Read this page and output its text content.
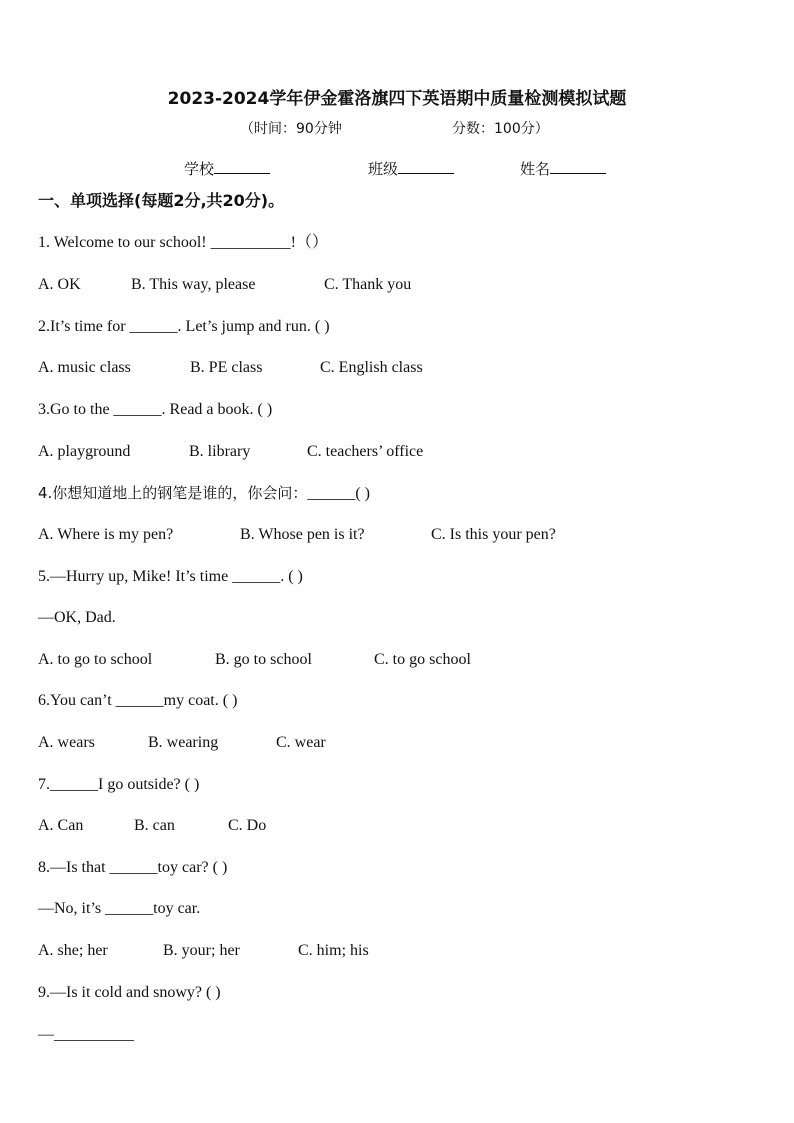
2023-2024学年伊金霍洛旗四下英语期中质量检测模拟试题
（时间：90分钟	分数：100分）
学校	班级	姓名
一、单项选择(每题2分,共20分)。
1. Welcome to our school! __________!（）
A. OK	B. This way, please	C. Thank you
2.It’s time for ______. Let’s jump and run. ( )
A. music class	B. PE class	C. English class
3.Go to the ______. Read a book. ( )
A. playground	B. library	C. teachers’ office
4.你想知道地上的钢笔是谁的，你会问：______( )
A. Where is my pen?	B. Whose pen is it?	C. Is this your pen?
5.—Hurry up, Mike! It’s time ______. ( )
—OK, Dad.
A. to go to school	B. go to school	C. to go school
6.You can’t ______my coat. ( )
A. wears	B. wearing	C. wear
7.______I go outside? ( )
A. Can	B. can	C. Do
8.—Is that ______toy car? ( )
—No, it’s ______toy car.
A. she; her	B. your; her	C. him; his
9.—Is it cold and snowy? ( )
—__________
